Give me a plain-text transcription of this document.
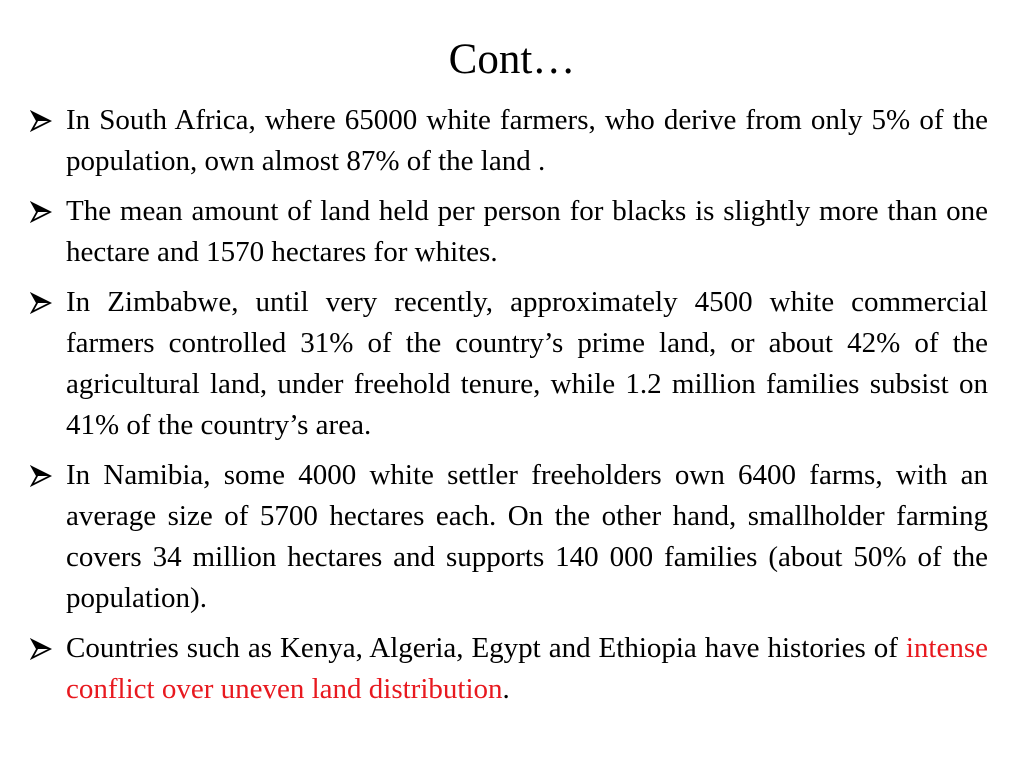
Cont…
In South Africa, where 65000 white farmers, who derive from only 5% of the population, own almost 87% of the land .
The mean amount of land held per person for blacks is slightly more than one hectare and 1570 hectares for whites.
In Zimbabwe, until very recently, approximately 4500 white commercial farmers controlled 31% of the country’s prime land, or about 42% of the agricultural land, under freehold tenure, while 1.2 million families subsist on 41% of the country’s area.
In Namibia, some 4000 white settler freeholders own 6400 farms, with an average size of 5700 hectares each. On the other hand, smallholder farming covers 34 million hectares and supports 140 000 families (about 50% of the population).
Countries such as Kenya, Algeria, Egypt and Ethiopia have histories of intense conflict over uneven land distribution.
